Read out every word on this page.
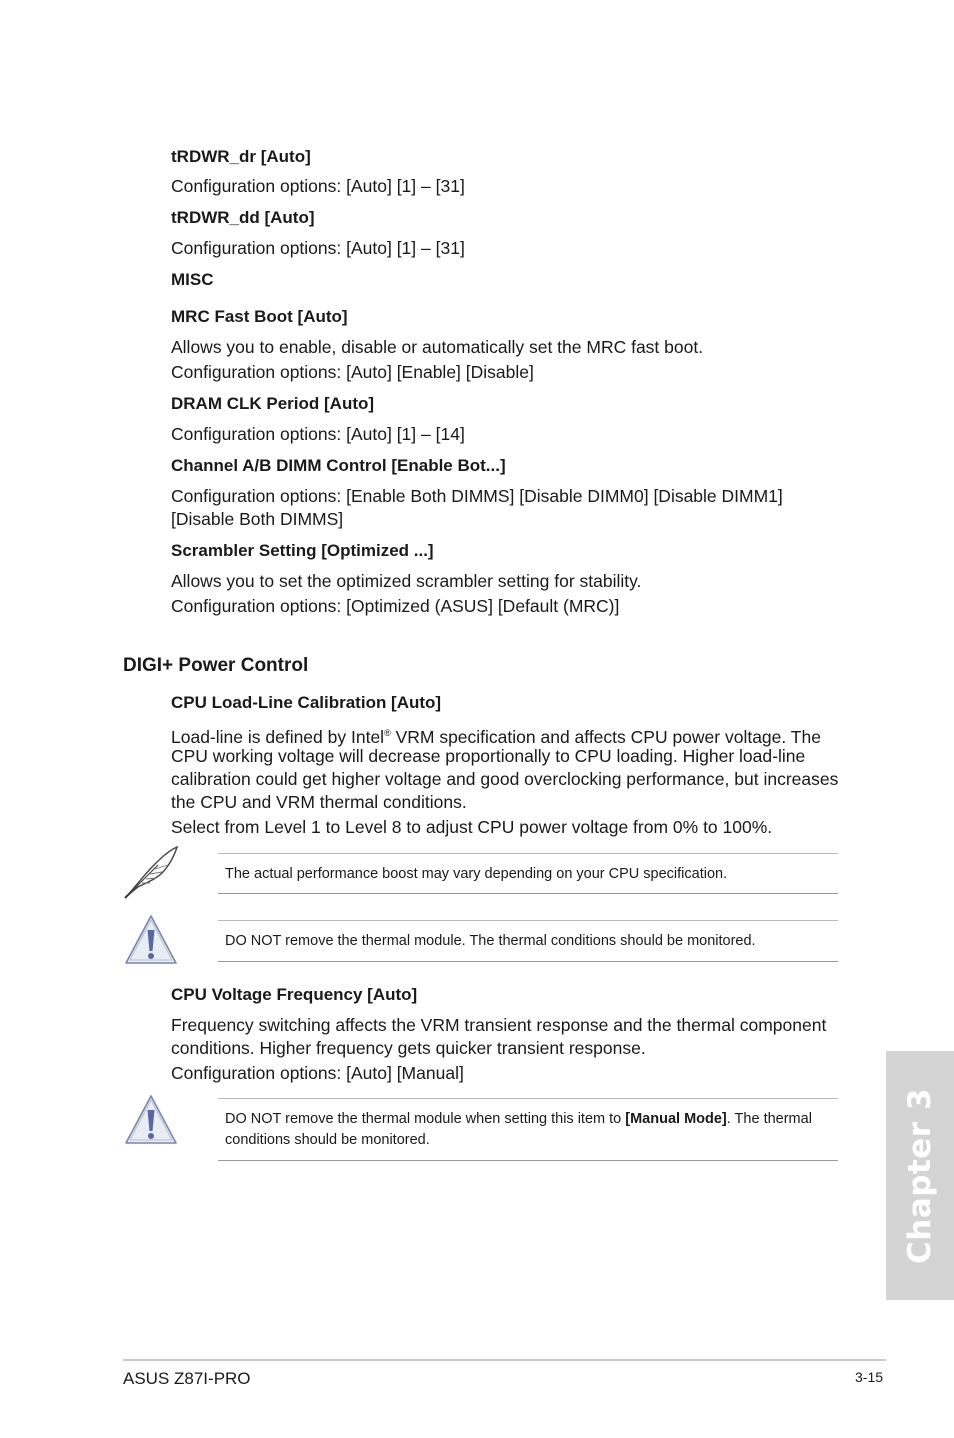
tRDWR_dr [Auto]
Configuration options: [Auto] [1] – [31]
tRDWR_dd [Auto]
Configuration options: [Auto] [1] – [31]
MISC
MRC Fast Boot [Auto]
Allows you to enable, disable or automatically set the MRC fast boot.
Configuration options: [Auto] [Enable] [Disable]
DRAM CLK Period [Auto]
Configuration options: [Auto] [1] – [14]
Channel A/B DIMM Control [Enable Bot...]
Configuration options: [Enable Both DIMMS] [Disable DIMM0] [Disable DIMM1]
[Disable Both DIMMS]
Scrambler Setting [Optimized ...]
Allows you to set the optimized scrambler setting for stability.
Configuration options: [Optimized (ASUS] [Default (MRC)]
DIGI+ Power Control
CPU Load-Line Calibration [Auto]
Load-line is defined by Intel® VRM specification and affects CPU power voltage. The
CPU working voltage will decrease proportionally to CPU loading. Higher load-line
calibration could get higher voltage and good overclocking performance, but increases
the CPU and VRM thermal conditions.
Select from Level 1 to Level 8 to adjust CPU power voltage from 0% to 100%.
The actual performance boost may vary depending on your CPU specification.
DO NOT remove the thermal module. The thermal conditions should be monitored.
CPU Voltage Frequency [Auto]
Frequency switching affects the VRM transient response and the thermal component
conditions. Higher frequency gets quicker transient response.
Configuration options: [Auto] [Manual]
DO NOT remove the thermal module when setting this item to [Manual Mode]. The thermal
conditions should be monitored.	Chapter 3
ASUS Z87I-PRO	3-15
